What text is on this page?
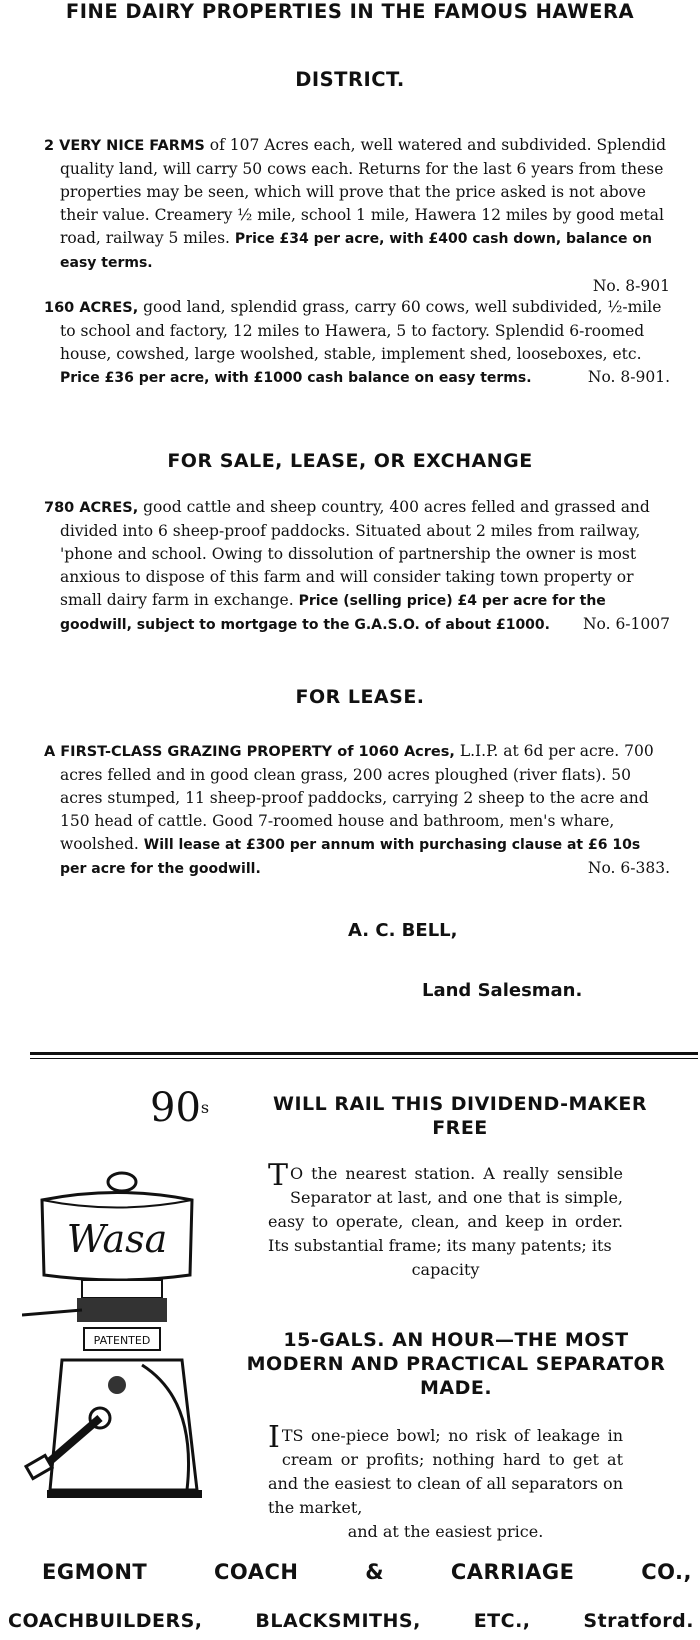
FINE DAIRY PROPERTIES IN THE FAMOUS HAWERA
DISTRICT.

2 VERY NICE FARMS of 107 Acres each, well watered and subdivided. Splendid quality land, will carry 50 cows each. Returns for the last 6 years from these properties may be seen, which will prove that the price asked is not above their value. Creamery ½ mile, school 1 mile, Hawera 12 miles by good metal road, railway 5 miles. Price £34 per acre, with £400 cash down, balance on easy terms.

No. 8-901

160 ACRES, good land, splendid grass, carry 60 cows, well subdivided, ½-mile to school and factory, 12 miles to Hawera, 5 to factory. Splendid 6-roomed house, cowshed, large woolshed, stable, implement shed, looseboxes, etc. Price £36 per acre, with £1000 cash balance on easy terms.	No. 8-901.

FOR SALE, LEASE, OR EXCHANGE

780 ACRES, good cattle and sheep country, 400 acres felled and grassed and divided into 6 sheep-proof paddocks. Situated about 2 miles from railway, 'phone and school. Owing to dissolution of partnership the owner is most anxious to dispose of this farm and will consider taking town property or small dairy farm in exchange. Price (selling price) £4 per acre for the goodwill, subject to mortgage to the G.A.S.O. of about £1000. No. 6-1007

FOR LEASE.

A FIRST-CLASS GRAZING PROPERTY of 1060 Acres, L.I.P. at 6d per acre. 700 acres felled and in good clean grass, 200 acres ploughed (river flats). 50 acres stumped, 11 sheep-proof paddocks, carrying 2 sheep to the acre and 150 head of cattle. Good 7-roomed house and bathroom, men's whare, woolshed. Will lease at £300 per annum with purchasing clause at £6 10s per acre for the goodwill.	No. 6-383.

A. C. BELL,
Land Salesman.
90$^s$	WILL RAIL THIS DIVIDEND-MAKER
FREE
T O the nearest station. A really sensible Separator at last, and one that is simple, easy to operate, clean, and keep in order. Its substantial frame; its many patents; its
capacity
15-GALS. AN HOUR—THE MOST
MODERN AND PRACTICAL SEPARATOR
MADE.
ITS one-piece bowl; no risk of leakage in cream or profits; nothing hard to get at and the easiest to clean of all separators on the market,
and at the easiest price.
Wasa
PATENTED
EGMONT	COACH	&	CARRIAGE	CO.,
COACHBUILDERS,	BLACKSMITHS,	ETC.,	Stratford.
